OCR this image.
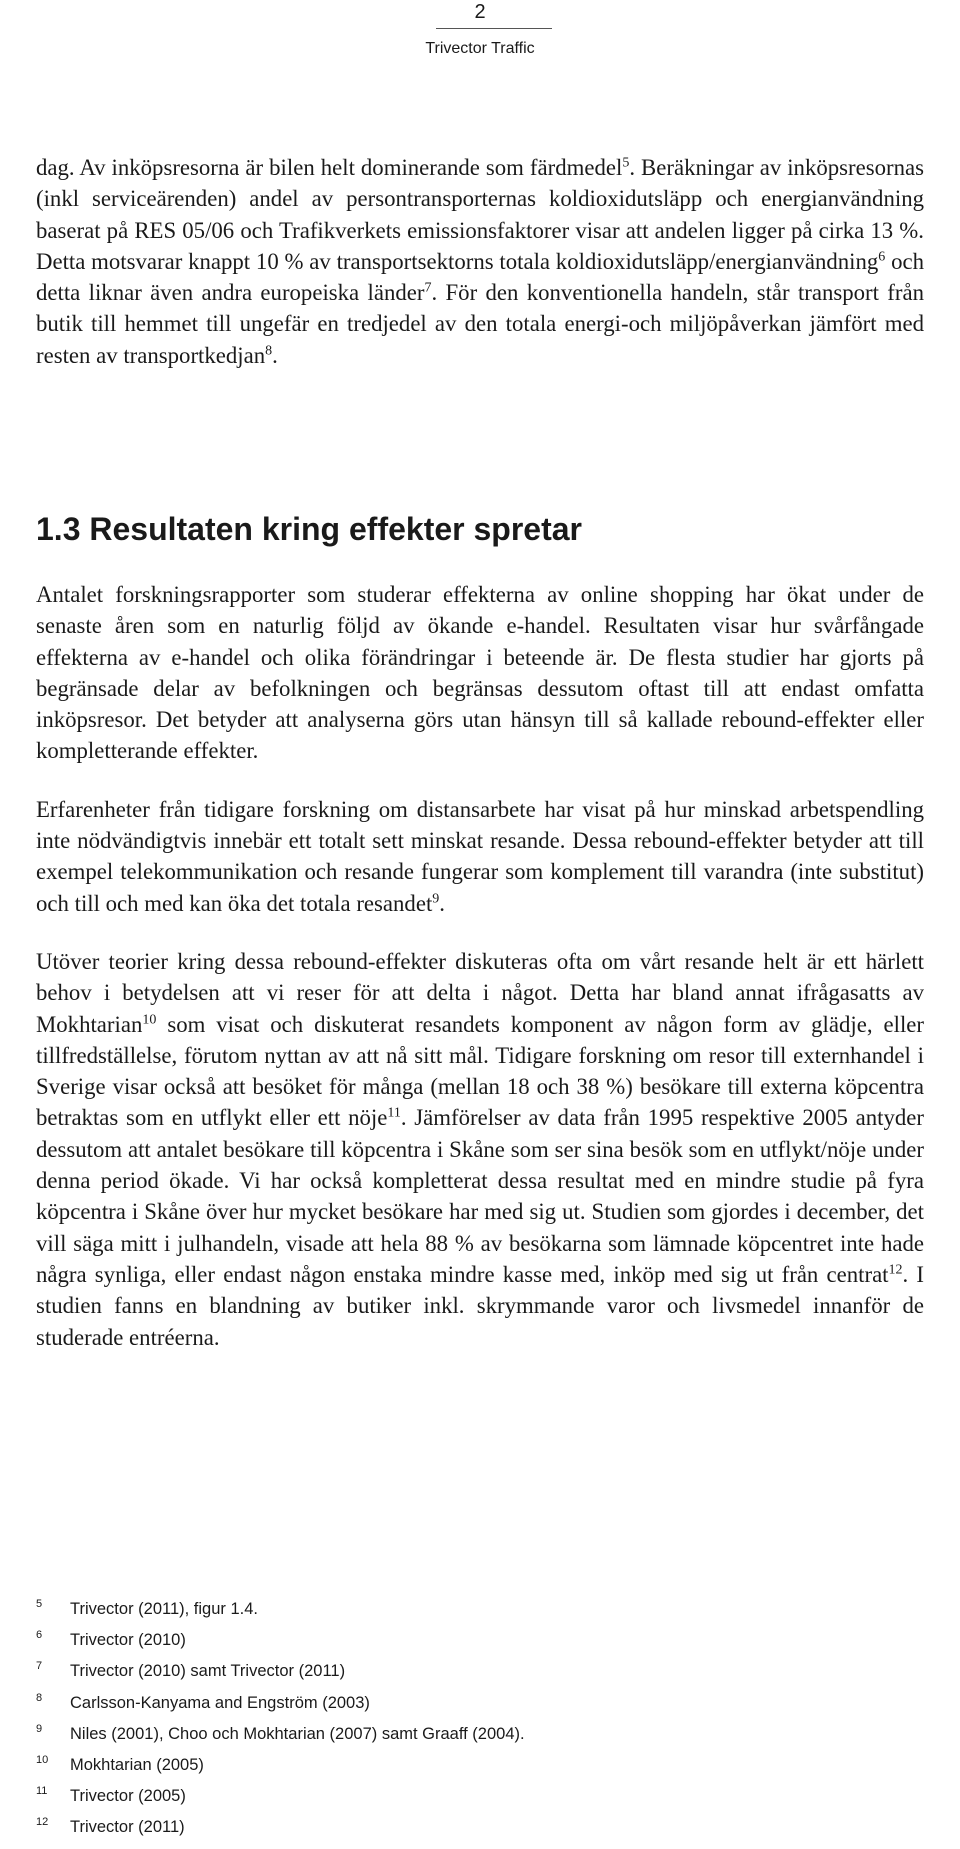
2
Trivector Traffic

dag. Av inköpsresorna är bilen helt dominerande som färdmedel$^5$. Beräkningar av inköpsresornas (inkl serviceärenden) andel av persontransporternas koldioxidutsläpp och energianvändning baserat på RES 05/06 och Trafikverkets emissionsfaktorer visar att andelen ligger på cirka 13 %. Detta motsvarar knappt 10 % av transportsektorns totala koldioxidutsläpp/energianvändning$^6$ och detta liknar även andra europeiska länder$^7$. För den konventionella handeln, står transport från butik till hemmet till ungefär en tredjedel av den totala energi-och miljöpåverkan jämfört med resten av transportkedjan$^8$.

1.3 Resultaten kring effekter spretar

Antalet forskningsrapporter som studerar effekterna av online shopping har ökat under de senaste åren som en naturlig följd av ökande e-handel. Resultaten visar hur svårfångade effekterna av e-handel och olika förändringar i beteende är. De flesta studier har gjorts på begränsade delar av befolkningen och begränsas dessutom oftast till att endast omfatta inköpsresor. Det betyder att analyserna görs utan hänsyn till så kallade rebound-effekter eller kompletterande effekter.

Erfarenheter från tidigare forskning om distansarbete har visat på hur minskad arbetspendling inte nödvändigtvis innebär ett totalt sett minskat resande. Dessa rebound-effekter betyder att till exempel telekommunikation och resande fungerar som komplement till varandra (inte substitut) och till och med kan öka det totala resandet$^9$.

Utöver teorier kring dessa rebound-effekter diskuteras ofta om vårt resande helt är ett härlett behov i betydelsen att vi reser för att delta i något. Detta har bland annat ifrågasatts av Mokhtarian$^{10}$ som visat och diskuterat resandets komponent av någon form av glädje, eller tillfredställelse, förutom nyttan av att nå sitt mål. Tidigare forskning om resor till externhandel i Sverige visar också att besöket för många (mellan 18 och 38 %) besökare till externa köpcentra betraktas som en utflykt eller ett nöje$^{11}$. Jämförelser av data från 1995 respektive 2005 antyder dessutom att antalet besökare till köpcentra i Skåne som ser sina besök som en utflykt/nöje under denna period ökade. Vi har också kompletterat dessa resultat med en mindre studie på fyra köpcentra i Skåne över hur mycket besökare har med sig ut. Studien som gjordes i december, det vill säga mitt i julhandeln, visade att hela 88 % av besökarna som lämnade köpcentret inte hade några synliga, eller endast någon enstaka mindre kasse med, inköp med sig ut från centrat$^{12}$. I studien fanns en blandning av butiker inkl. skrymmande varor och livsmedel innanför de studerade entréerna.

5 Trivector (2011), figur 1.4.
6 Trivector (2010)
7 Trivector (2010) samt Trivector (2011)
8 Carlsson-Kanyama and Engström (2003)
9 Niles (2001), Choo och Mokhtarian (2007) samt Graaff (2004).
10 Mokhtarian (2005)
11 Trivector (2005)
12 Trivector (2011)
